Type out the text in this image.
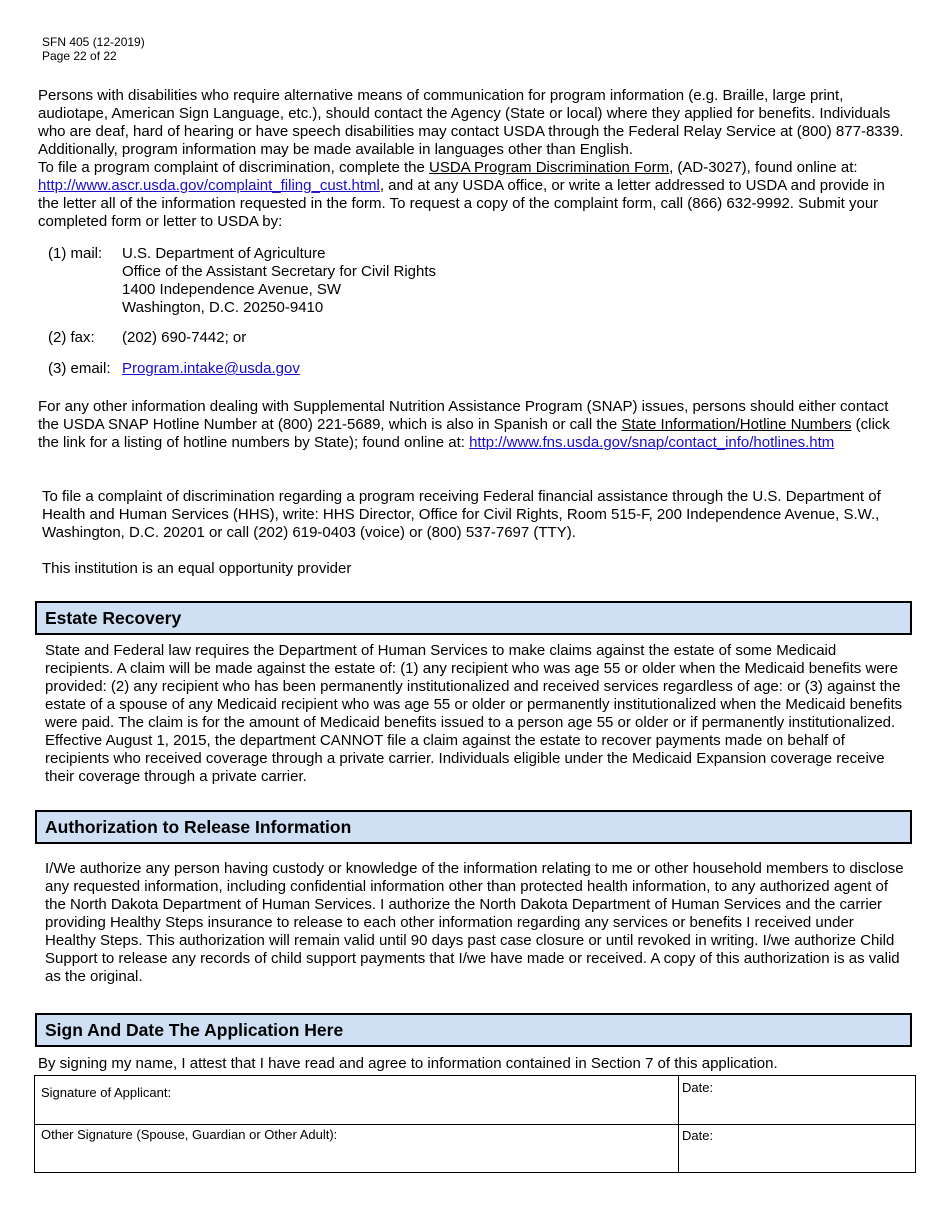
SFN 405 (12-2019)
Page 22 of 22

Persons with disabilities who require alternative means of communication for program information (e.g. Braille, large print, audiotape, American Sign Language, etc.), should contact the Agency (State or local) where they applied for benefits. Individuals who are deaf, hard of hearing or have speech disabilities may contact USDA through the Federal Relay Service at (800) 877-8339. Additionally, program information may be made available in languages other than English.

To file a program complaint of discrimination, complete the USDA Program Discrimination Form, (AD-3027), found online at: http://www.ascr.usda.gov/complaint_filing_cust.html, and at any USDA office, or write a letter addressed to USDA and provide in the letter all of the information requested in the form. To request a copy of the complaint form, call (866) 632-9992. Submit your completed form or letter to USDA by:

(1) mail:	U.S. Department of Agriculture
Office of the Assistant Secretary for Civil Rights
1400 Independence Avenue, SW
Washington, D.C. 20250-9410
(2) fax:	(202) 690-7442; or
(3) email: Program.intake@usda.gov

For any other information dealing with Supplemental Nutrition Assistance Program (SNAP) issues, persons should either contact the USDA SNAP Hotline Number at (800) 221-5689, which is also in Spanish or call the State Information/Hotline Numbers (click the link for a listing of hotline numbers by State); found online at: http://www.fns.usda.gov/snap/contact_info/hotlines.htm

To file a complaint of discrimination regarding a program receiving Federal financial assistance through the U.S. Department of Health and Human Services (HHS), write: HHS Director, Office for Civil Rights, Room 515-F, 200 Independence Avenue, S.W., Washington, D.C. 20201 or call (202) 619-0403 (voice) or (800) 537-7697 (TTY).

This institution is an equal opportunity provider

Estate Recovery

State and Federal law requires the Department of Human Services to make claims against the estate of some Medicaid recipients. A claim will be made against the estate of: (1) any recipient who was age 55 or older when the Medicaid benefits were provided: (2) any recipient who has been permanently institutionalized and received services regardless of age: or (3) against the estate of a spouse of any Medicaid recipient who was age 55 or older or permanently institutionalized when the Medicaid benefits were paid. The claim is for the amount of Medicaid benefits issued to a person age 55 or older or if permanently institutionalized. Effective August 1, 2015, the department CANNOT file a claim against the estate to recover payments made on behalf of recipients who received coverage through a private carrier. Individuals eligible under the Medicaid Expansion coverage receive their coverage through a private carrier.

Authorization to Release Information

I/We authorize any person having custody or knowledge of the information relating to me or other household members to disclose any requested information, including confidential information other than protected health information, to any authorized agent of the North Dakota Department of Human Services. I authorize the North Dakota Department of Human Services and the carrier providing Healthy Steps insurance to release to each other information regarding any services or benefits I received under Healthy Steps. This authorization will remain valid until 90 days past case closure or until revoked in writing. I/we authorize Child Support to release any records of child support payments that I/we have made or received. A copy of this authorization is as valid as the original.

Sign And Date The Application Here

By signing my name, I attest that I have read and agree to information contained in Section 7 of this application.

Signature of Applicant:	Date:
Other Signature (Spouse, Guardian or Other Adult):	Date:
